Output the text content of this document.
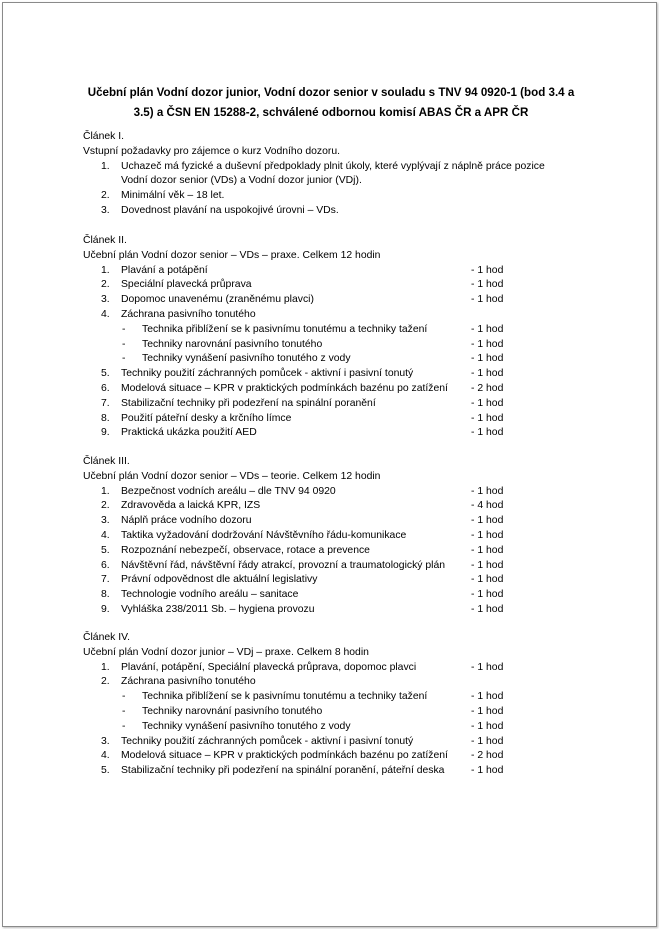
Učební plán Vodní dozor junior, Vodní dozor senior v souladu s TNV 94 0920-1 (bod 3.4 a 3.5) a ČSN EN 15288-2, schválené odbornou komisí ABAS ČR a APR ČR
Článek I.
Vstupní požadavky pro zájemce o kurz Vodního dozoru.
1.	Uchazeč má fyzické a duševní předpoklady plnit úkoly, které vyplývají z náplně práce pozice
Vodní dozor senior (VDs) a Vodní dozor junior (VDj).
2.	Minimální věk – 18 let.
3.	Dovednost plavání na uspokojivé úrovni – VDs.
Článek II.
Učební plán Vodní dozor senior – VDs – praxe. Celkem 12 hodin
1.	Plavání a potápění	- 1 hod
2.	Speciální plavecká průprava	- 1 hod
3.	Dopomoc unavenému (zraněnému plavci)	- 1 hod
4.	Záchrana pasivního tonutého
- Technika přiblížení se k pasivnímu tonutému a techniky tažení	- 1 hod
- Techniky narovnání pasivního tonutého	- 1 hod
- Techniky vynášení pasivního tonutého z vody	- 1 hod
5.	Techniky použití záchranných pomůcek - aktivní i pasivní tonutý	- 1 hod
6.	Modelová situace – KPR v praktických podmínkách bazénu po zatížení - 2 hod
7.	Stabilizační techniky při podezření na spinální poranění	- 1 hod
8.	Použití páteřní desky a krčního límce	- 1 hod
9.	Praktická ukázka použití AED	- 1 hod
Článek III.
Učební plán Vodní dozor senior – VDs – teorie. Celkem 12 hodin
1.	Bezpečnost vodních areálu – dle TNV 94 0920	- 1 hod
2.	Zdravověda a laická KPR, IZS	- 4 hod
3.	Náplň práce vodního dozoru	- 1 hod
4.	Taktika vyžadování dodržování Návštěvního řádu-komunikace	- 1 hod
5.	Rozpoznání nebezpečí, observace, rotace a prevence	- 1 hod
6.	Návštěvní řád, návštěvní řády atrakcí, provozní a traumatologický plán	- 1 hod
7.	Právní odpovědnost dle aktuální legislativy	- 1 hod
8.	Technologie vodního areálu – sanitace	- 1 hod
9.	Vyhláška 238/2011 Sb. – hygiena provozu	- 1 hod
Článek IV.
Učební plán Vodní dozor junior – VDj – praxe. Celkem 8 hodin
1.	Plavání, potápění, Speciální plavecká průprava, dopomoc plavci	- 1 hod
2.	Záchrana pasivního tonutého
- Technika přiblížení se k pasivnímu tonutému a techniky tažení	- 1 hod
- Techniky narovnání pasivního tonutého	- 1 hod
- Techniky vynášení pasivního tonutého z vody	- 1 hod
3.	Techniky použití záchranných pomůcek - aktivní i pasivní tonutý	- 1 hod
4.	Modelová situace – KPR v praktických podmínkách bazénu po zatížení - 2 hod
5.	Stabilizační techniky při podezření na spinální poranění, páteřní deska	- 1 hod
